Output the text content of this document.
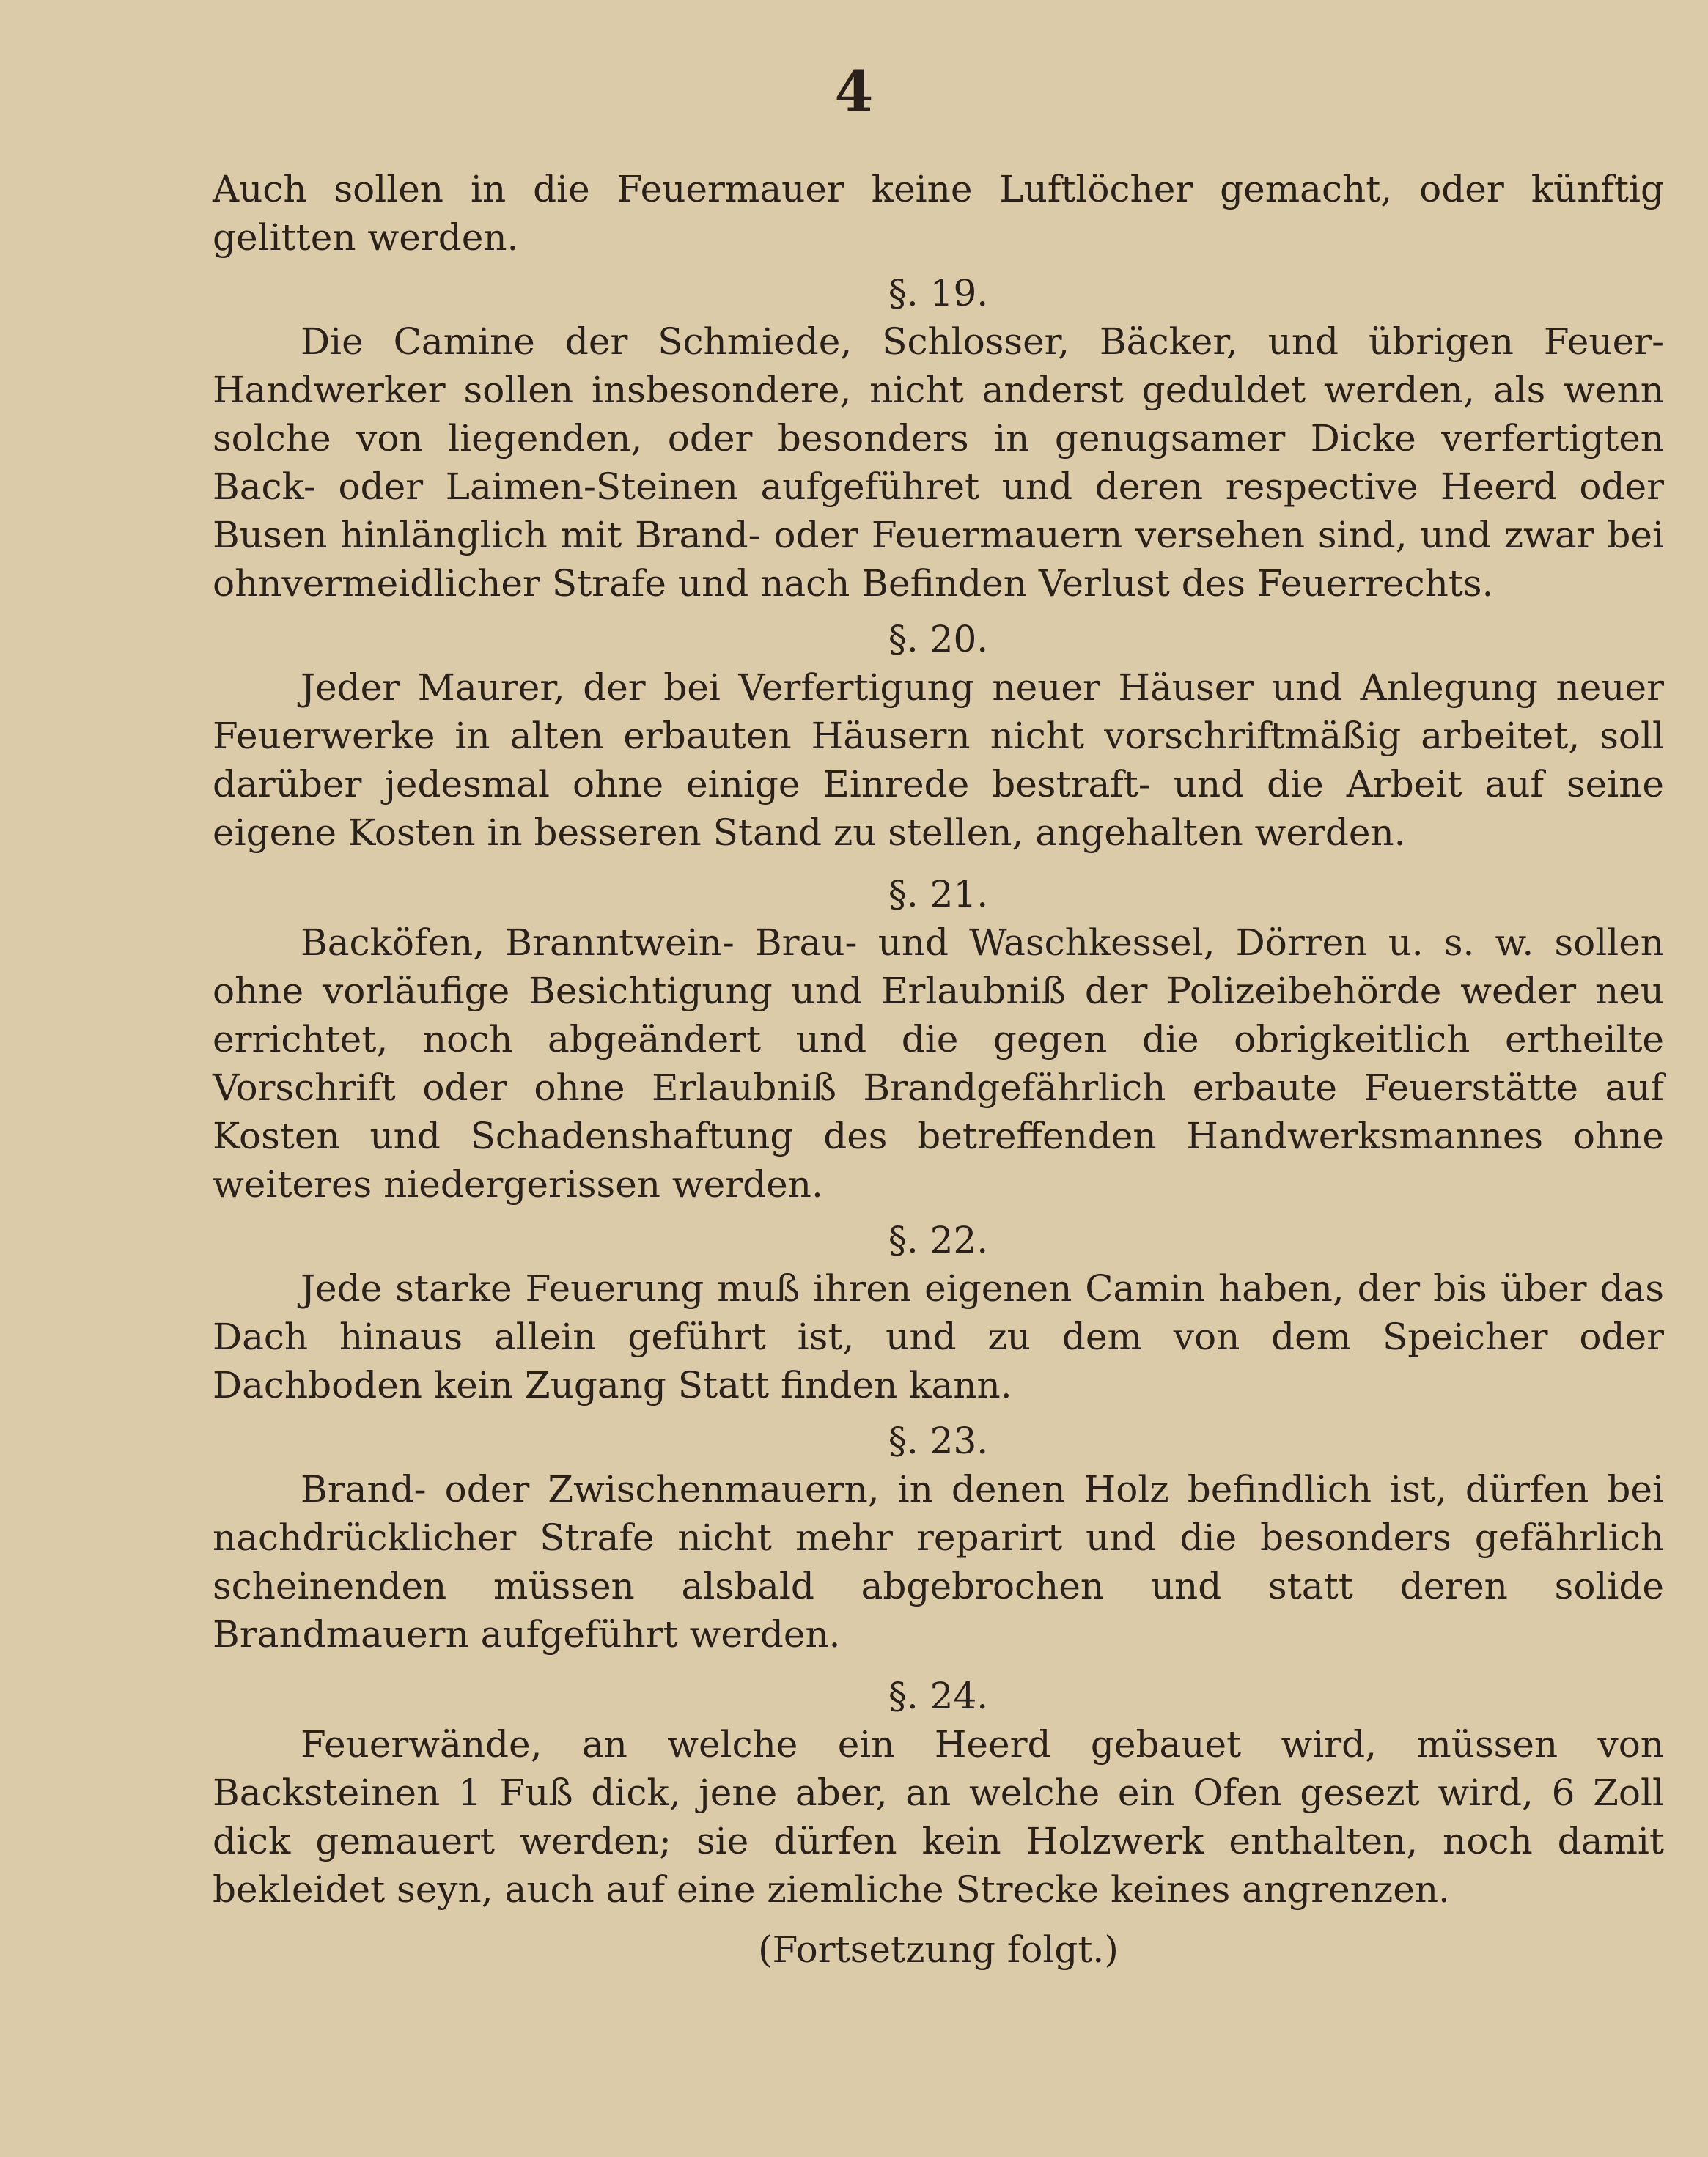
4

Auch sollen in die Feuermauer keine Luftlöcher gemacht, oder künftig gelitten werden.

§. 19.

Die Camine der Schmiede, Schlosser, Bäcker, und übrigen Feuer-Handwerker sollen insbesondere, nicht anderst geduldet werden, als wenn solche von liegenden, oder besonders in genugsamer Dicke verfertigten Back- oder Laimen-Steinen aufgeführet und deren respective Heerd oder Busen hinlänglich mit Brand- oder Feuermauern versehen sind, und zwar bei ohnvermeidlicher Strafe und nach Befinden Verlust des Feuerrechts.

§. 20.

Jeder Maurer, der bei Verfertigung neuer Häuser und Anlegung neuer Feuerwerke in alten erbauten Häusern nicht vorschriftmäßig arbeitet, soll darüber jedesmal ohne einige Einrede bestraft- und die Arbeit auf seine eigene Kosten in besseren Stand zu stellen, angehalten werden.

§. 21.

Backöfen, Branntwein- Brau- und Waschkessel, Dörren u. s. w. sollen ohne vorläufige Besichtigung und Erlaubniß der Polizeibehörde weder neu errichtet, noch abgeändert und die gegen die obrigkeitlich ertheilte Vorschrift oder ohne Erlaubniß Brandgefährlich erbaute Feuerstätte auf Kosten und Schadenshaftung des betreffenden Handwerksmannes ohne weiteres niedergerissen werden.

§. 22.

Jede starke Feuerung muß ihren eigenen Camin haben, der bis über das Dach hinaus allein geführt ist, und zu dem von dem Speicher oder Dachboden kein Zugang Statt finden kann.

§. 23.

Brand- oder Zwischenmauern, in denen Holz befindlich ist, dürfen bei nachdrücklicher Strafe nicht mehr reparirt und die besonders gefährlich scheinenden müssen alsbald abgebrochen und statt deren solide Brandmauern aufgeführt werden.

§. 24.

Feuerwände, an welche ein Heerd gebauet wird, müssen von Backsteinen 1 Fuß dick, jene aber, an welche ein Ofen gesezt wird, 6 Zoll dick gemauert werden; sie dürfen kein Holzwerk enthalten, noch damit bekleidet seyn, auch auf eine ziemliche Strecke keines angrenzen.

(Fortsetzung folgt.)
